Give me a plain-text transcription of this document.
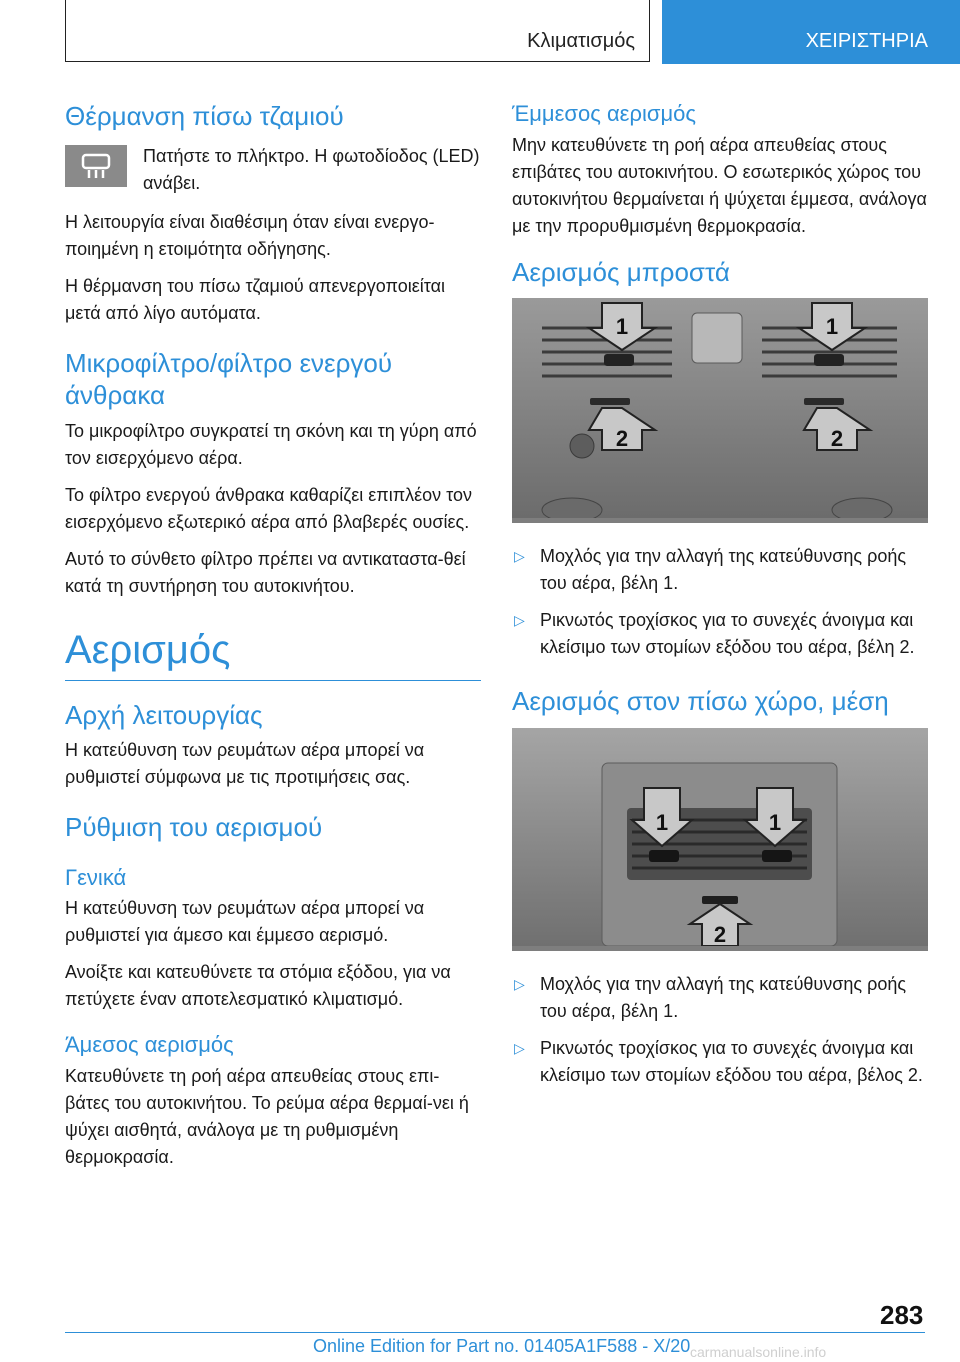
Κλιματισμός	ΧΕΙΡΙΣΤΗΡΙΑ
Θέρμανση πίσω τζαμιού

Πατήστε το πλήκτρο. Η φωτοδίοδος (LED) ανάβει.

Η λειτουργία είναι διαθέσιμη όταν είναι ενεργο-ποιημένη η ετοιμότητα οδήγησης.

Η θέρμανση του πίσω τζαμιού απενεργοποιείται μετά από λίγο αυτόματα.

Μικροφίλτρο/φίλτρο ενεργού άνθρακα

Το μικροφίλτρο συγκρατεί τη σκόνη και τη γύρη από τον εισερχόμενο αέρα.

Το φίλτρο ενεργού άνθρακα καθαρίζει επιπλέον τον εισερχόμενο εξωτερικό αέρα από βλαβερές ουσίες.

Αυτό το σύνθετο φίλτρο πρέπει να αντικαταστα-θεί κατά τη συντήρηση του αυτοκινήτου.

Αερισμός
Αρχή λειτουργίας

Η κατεύθυνση των ρευμάτων αέρα μπορεί να ρυθμιστεί σύμφωνα με τις προτιμήσεις σας.

Ρύθμιση του αερισμού
Γενικά

Η κατεύθυνση των ρευμάτων αέρα μπορεί να ρυθμιστεί για άμεσο και έμμεσο αερισμό.

Ανοίξτε και κατευθύνετε τα στόμια εξόδου, για να πετύχετε έναν αποτελεσματικό κλιματισμό.

Άμεσος αερισμός

Κατευθύνετε τη ροή αέρα απευθείας στους επι-βάτες του αυτοκινήτου. Το ρεύμα αέρα θερμαί-νει ή ψύχει αισθητά, ανάλογα με τη ρυθμισμένη θερμοκρασία.

Έμμεσος αερισμός

Μην κατευθύνετε τη ροή αέρα απευθείας στους επιβάτες του αυτοκινήτου. Ο εσωτερικός χώρος του αυτοκινήτου θερμαίνεται ή ψύχεται έμμεσα, ανάλογα με την προρυθμισμένη θερμοκρασία.

Αερισμός μπροστά
1	1
2	2
▷ Μοχλός για την αλλαγή της κατεύθυνσης ροής του αέρα, βέλη 1.
▷ Ρικνωτός τροχίσκος για το συνεχές άνοιγμα και κλείσιμο των στομίων εξόδου του αέρα, βέλη 2.
Αερισμός στον πίσω χώρο, μέση
1	1
2
▷ Μοχλός για την αλλαγή της κατεύθυνσης ροής του αέρα, βέλη 1.
▷ Ρικνωτός τροχίσκος για το συνεχές άνοιγμα και κλείσιμο των στομίων εξόδου του αέρα, βέλος 2.
283
Online Edition for Part no. 01405A1F588 - X/20 carmanualsonline.info
